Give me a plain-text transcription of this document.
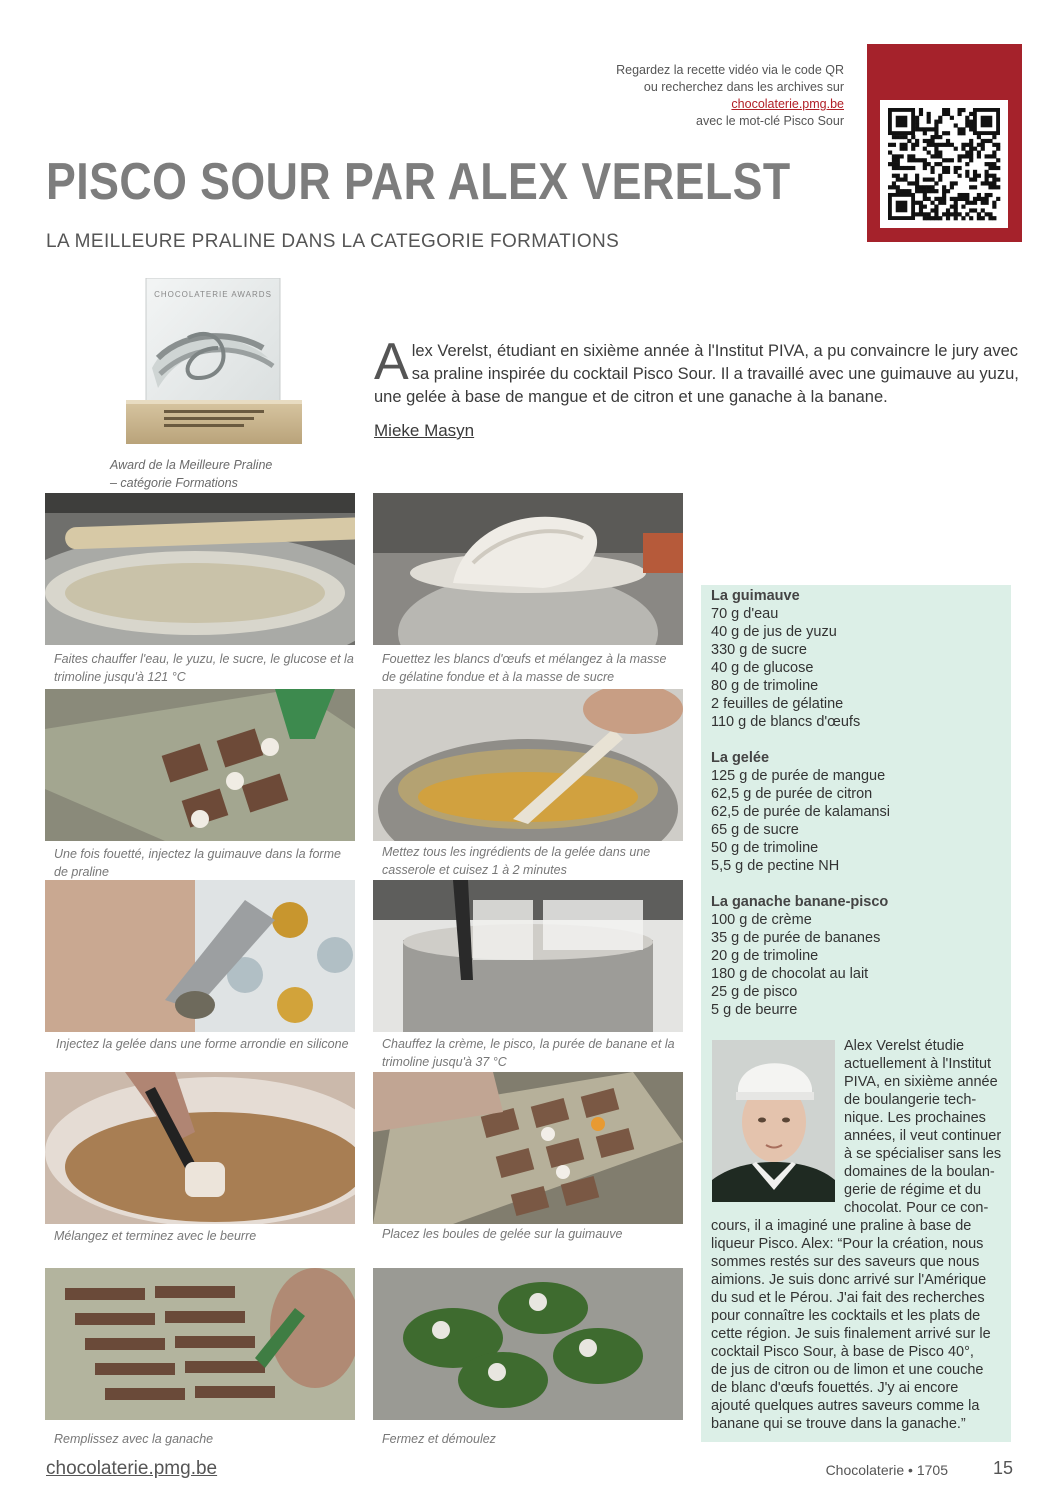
Regardez la recette vidéo via le code QR
ou recherchez dans les archives sur
chocolaterie.pmg.be
avec le mot-clé Pisco Sour
PISCO SOUR PAR ALEX VERELST
LA MEILLEURE PRALINE DANS LA CATEGORIE FORMATIONS
CHOCOLATERIE AWARDS
Award de la Meilleure Praline
– catégorie Formations
Alex Verelst, étudiant en sixième année à l'Institut PIVA, a pu convaincre le jury avec sa praline inspirée du cocktail Pisco Sour. Il a travaillé avec une guimauve au yuzu, une gelée à base de mangue et de citron et une ganache à la banane.
Mieke Masyn
Faites chauffer l'eau, le yuzu, le sucre, le glucose et la trimoline jusqu'à 121 °C
Fouettez les blancs d'œufs et mélangez à la masse de gélatine fondue et à la masse de sucre
Une fois fouetté, injectez la guimauve dans la forme de praline
Mettez tous les ingrédients de la gelée dans une casserole et cuisez 1 à 2 minutes
Injectez la gelée dans une forme arrondie en silicone	Chauffez la crème, le pisco, la purée de banane et la trimoline jusqu'à 37 °C
Mélangez et terminez avec le beurre	Placez les boules de gelée sur la guimauve
Remplissez avec la ganache	Fermez et démoulez
La guimauve
70 g d'eau
40 g de jus de yuzu
330 g de sucre
40 g de glucose
80 g de trimoline
2 feuilles de gélatine
110 g de blancs d'œufs
La gelée
125 g de purée de mangue
62,5 g de purée de citron
62,5 de purée de kalamansi
65 g de sucre
50 g de trimoline
5,5 g de pectine NH
La ganache banane-pisco
100 g de crème
35 g de purée de bananes
20 g de trimoline
180 g de chocolat au lait
25 g de pisco
5 g de beurre
Alex Verelst étudie
actuellement à l'Institut
PIVA, en sixième année
de boulangerie tech-
nique. Les prochaines
années, il veut continuer
à se spécialiser sans les
domaines de la boulan-
gerie de régime et du
chocolat. Pour ce con-
cours, il a imaginé une praline à base de
liqueur Pisco. Alex: “Pour la création, nous
sommes restés sur des saveurs que nous
aimions. Je suis donc arrivé sur l'Amérique
du sud et le Pérou. J'ai fait des recherches
pour connaître les cocktails et les plats de
cette région. Je suis finalement arrivé sur le
cocktail Pisco Sour, à base de Pisco 40°,
de jus de citron ou de limon et une couche
de blanc d'œufs fouettés. J'y ai encore
ajouté quelques autres saveurs comme la
banane qui se trouve dans la ganache.”
chocolaterie.pmg.be	Chocolaterie • 1705	15
